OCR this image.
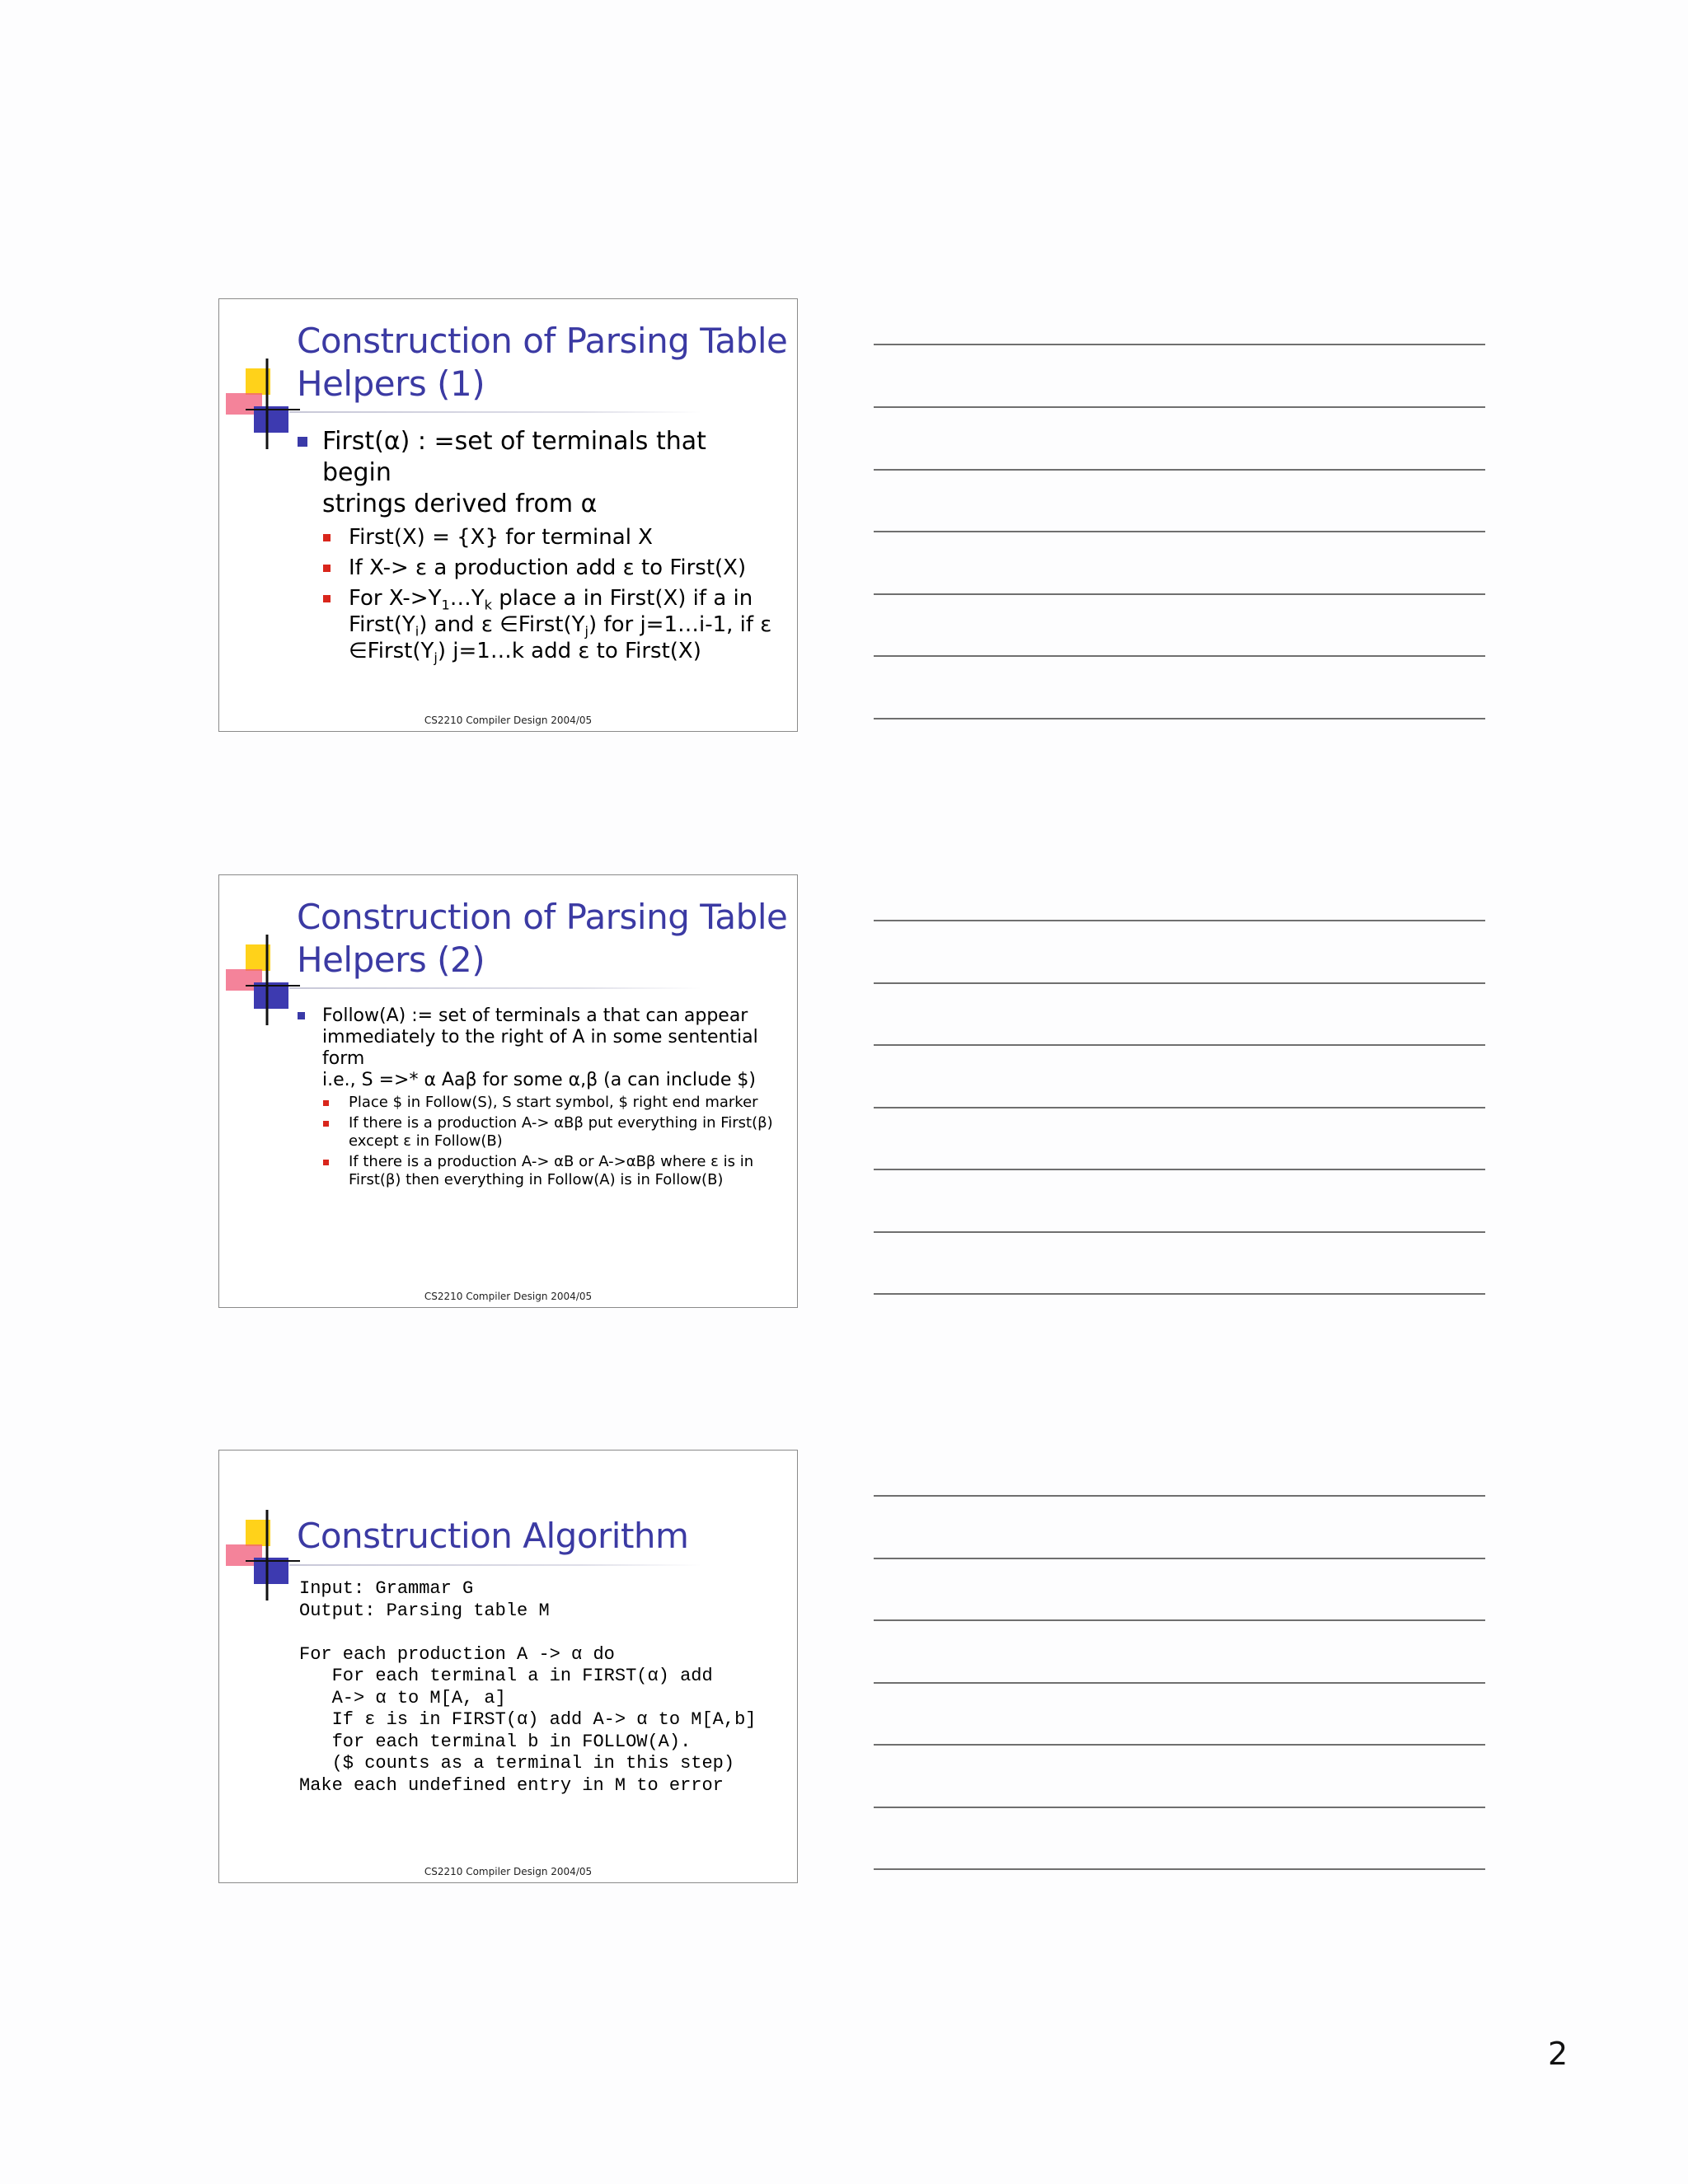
Construction of Parsing Table
Helpers (1)
First(α) : =set of terminals that begin
strings derived from α
First(X) = {X} for terminal X
If X-> ε a production add ε to First(X)
For $X->Y_1\dots Y_k$ place a in First(X) if a in
$First(Y_i)$ and ε $\in First(Y_j)$ for j=1…i-1, if ε
$\in First(Y_j)$ j=1…k add ε to First(X)
CS2210 Compiler Design 2004/05
Construction of Parsing Table
Helpers (2)
Follow(A) := set of terminals a that can appear
immediately to the right of A in some sentential form
i.e., S =>* α Aaβ for some α,β (a can include $)
Place $ in Follow(S), S start symbol, $ right end marker
If there is a production A-> αBβ put everything in First(β)
except ε in Follow(B)
If there is a production A-> αB or A->αBβ where ε is in
First(β) then everything in Follow(A) is in Follow(B)
CS2210 Compiler Design 2004/05
Construction Algorithm
Input: Grammar G
Output: Parsing table M

For each production A -> α do
For each terminal a in FIRST(α) add
A-> α to M[A, a]
If ε is in FIRST(α) add A-> α to M[A,b]
for each terminal b in FOLLOW(A).
($ counts as a terminal in this step)
Make each undefined entry in M to error
CS2210 Compiler Design 2004/05
2
